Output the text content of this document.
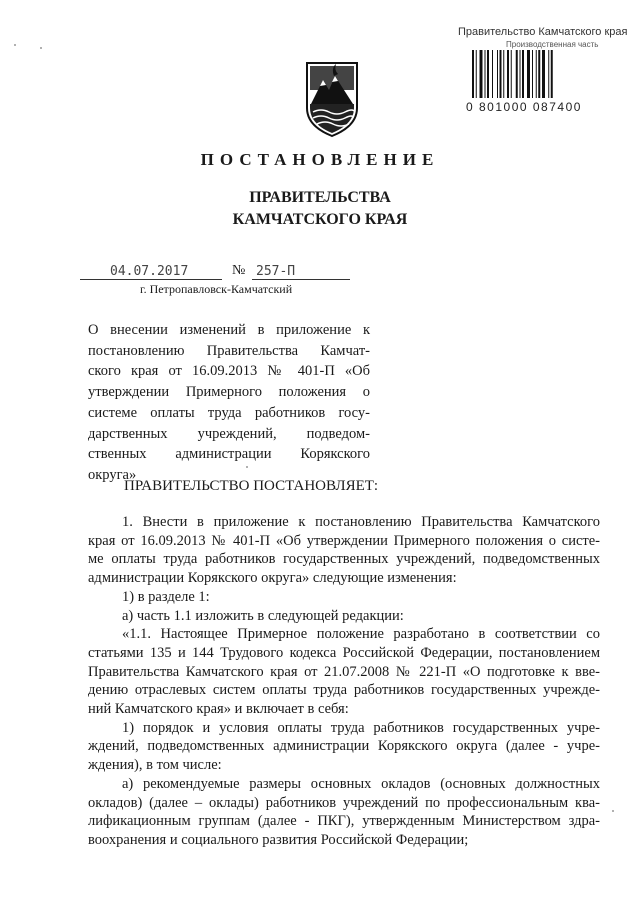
Правительство Камчатского края
Производственная часть
0 801000 087400
ПОСТАНОВЛЕНИЕ
ПРАВИТЕЛЬСТВА
КАМЧАТСКОГО КРАЯ
04.07.2017	№ 257-П
г. Петропавловск-Камчатский
О внесении изменений в приложение к
постановлению Правительства Камчат-
ского края от 16.09.2013 № 401-П «Об
утверждении Примерного положения о
системе оплаты труда работников госу-
дарственных учреждений, подведом-
ственных администрации Корякского
округа»
ПРАВИТЕЛЬСТВО ПОСТАНОВЛЯЕТ:
1. Внести в приложение к постановлению Правительства Камчатского
края от 16.09.2013 № 401-П «Об утверждении Примерного положения о систе-
ме оплаты труда работников государственных учреждений, подведомственных
администрации Корякского округа» следующие изменения:
1) в разделе 1:
а) часть 1.1 изложить в следующей редакции:
«1.1. Настоящее Примерное положение разработано в соответствии со
статьями 135 и 144 Трудового кодекса Российской Федерации, постановлением
Правительства Камчатского края от 21.07.2008 № 221-П «О подготовке к вве-
дению отраслевых систем оплаты труда работников государственных учрежде-
ний Камчатского края» и включает в себя:
1) порядок и условия оплаты труда работников государственных учре-
ждений, подведомственных администрации Корякского округа (далее - учре-
ждения), в том числе:
а) рекомендуемые размеры основных окладов (основных должностных
окладов) (далее – оклады) работников учреждений по профессиональным ква-
лификационным группам (далее - ПКГ), утвержденным Министерством здра-
воохранения и социального развития Российской Федерации;
